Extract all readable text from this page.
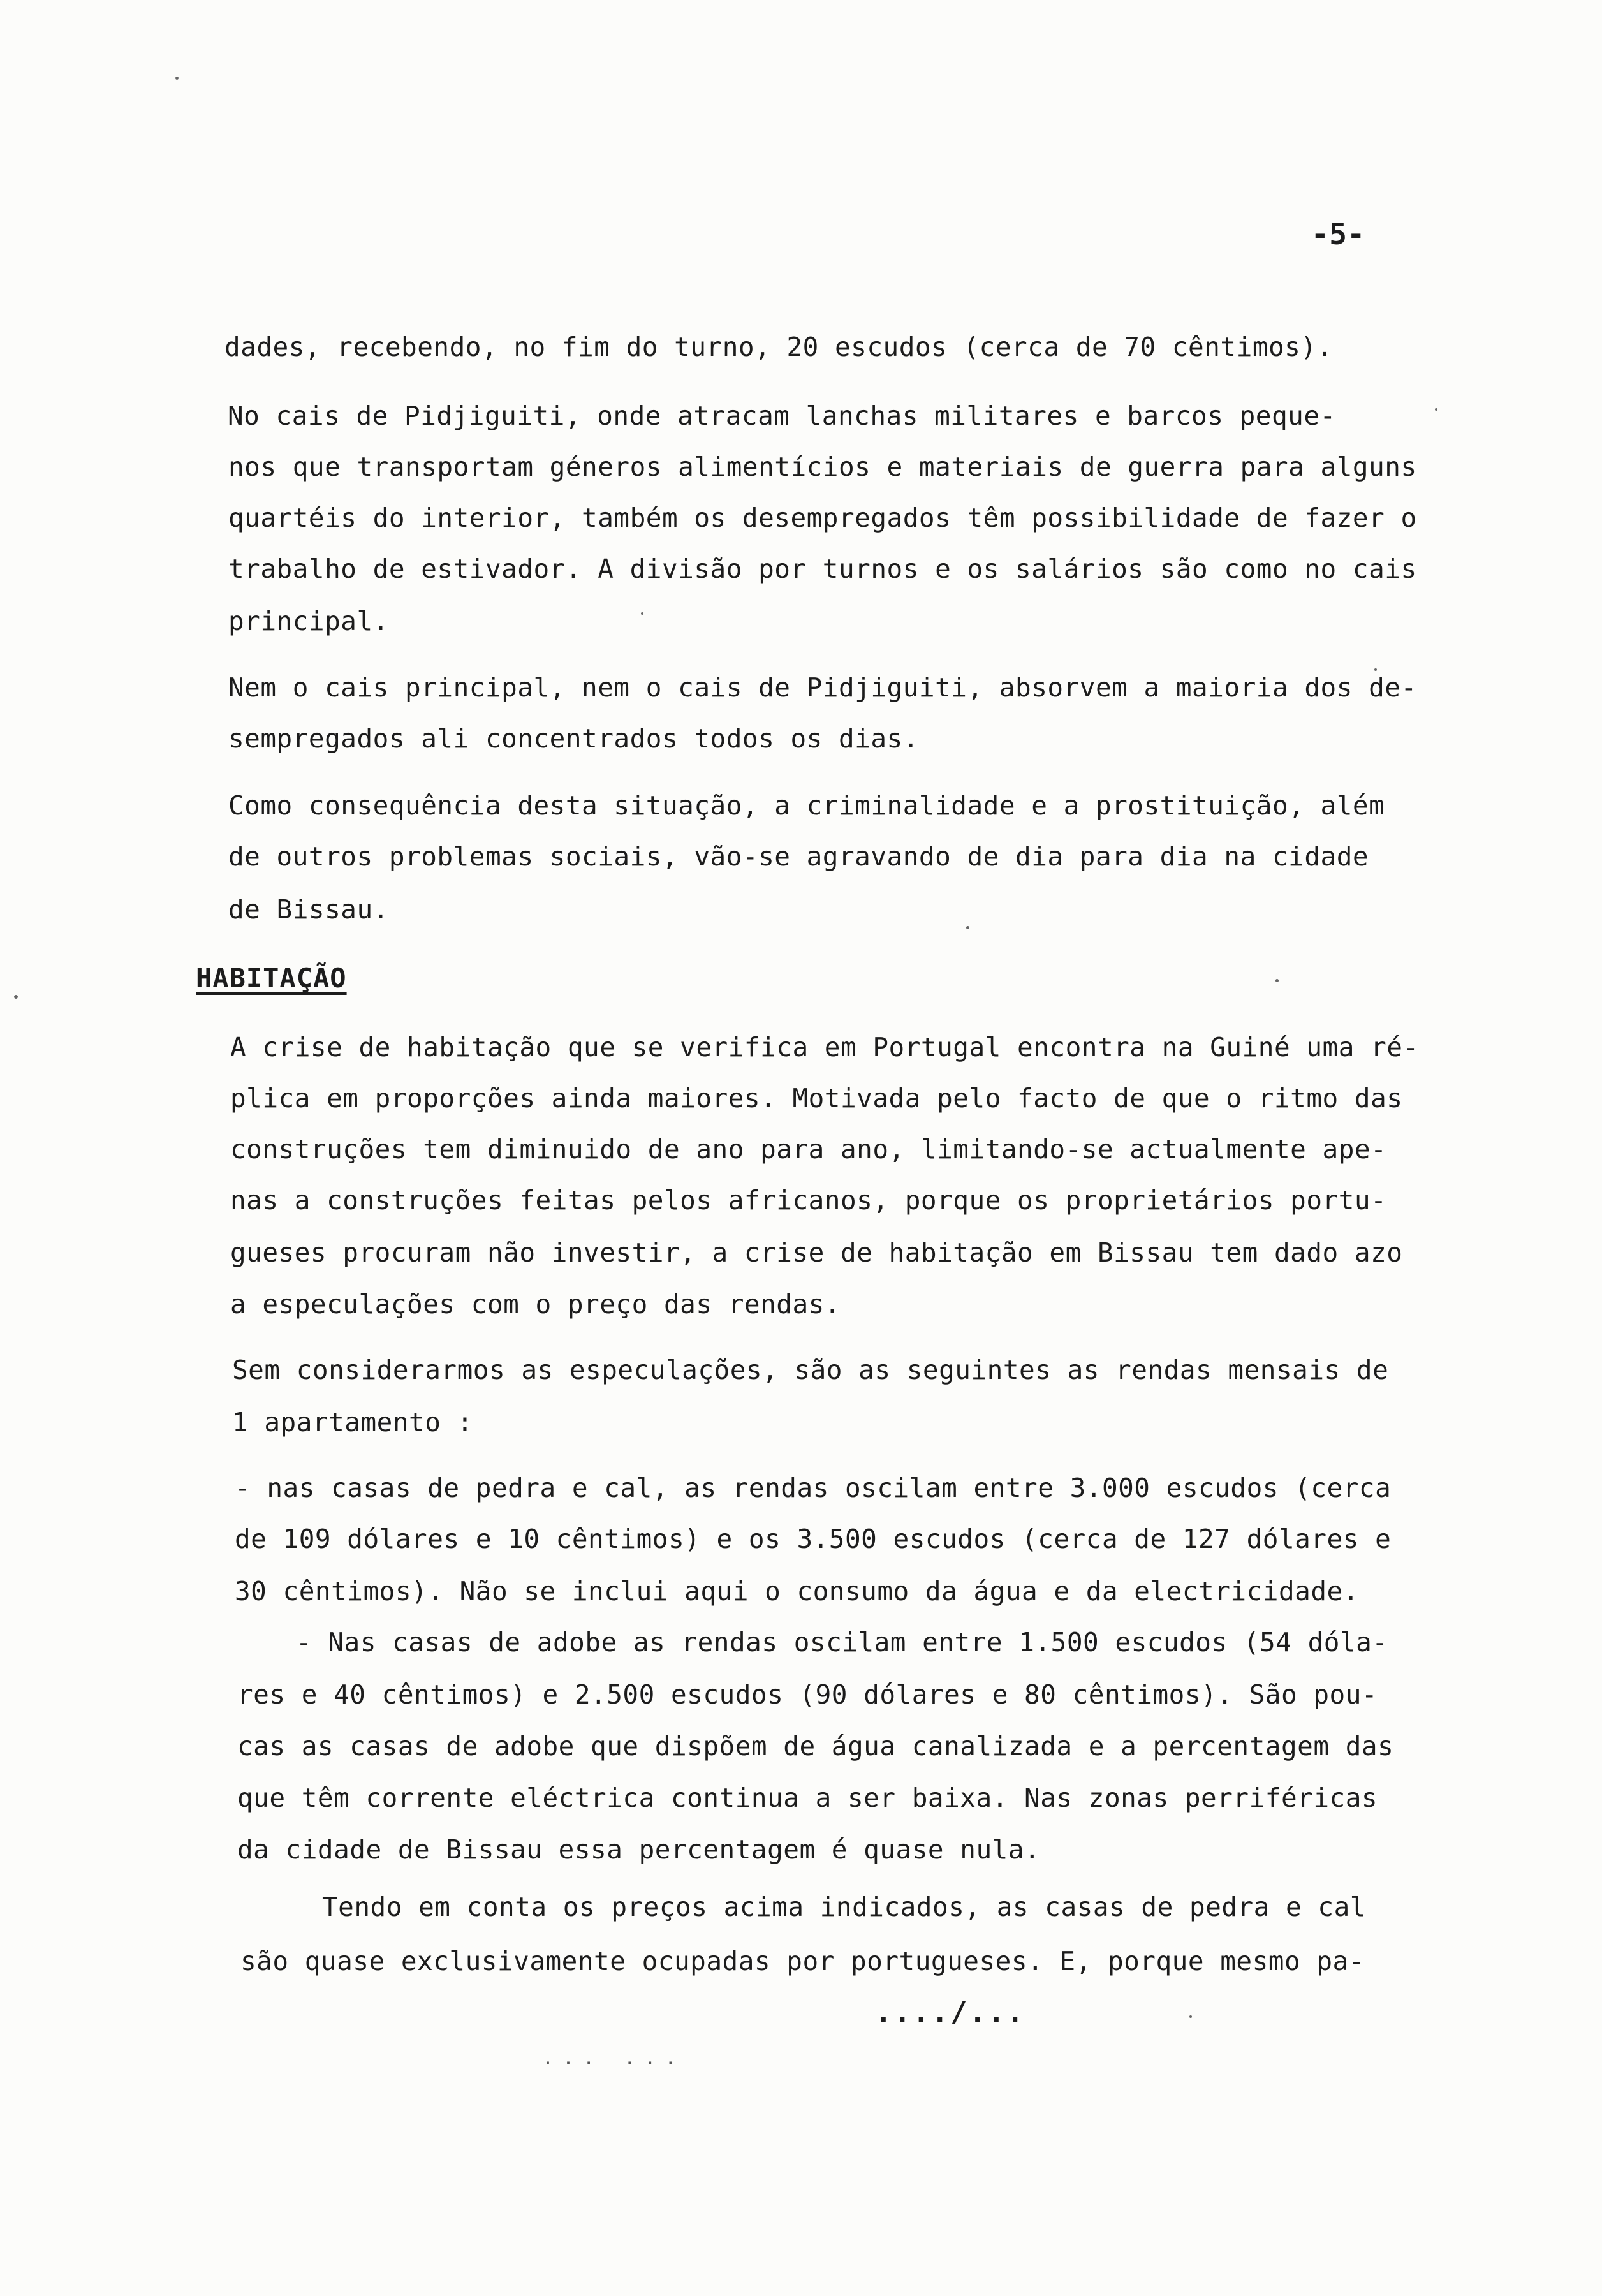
-5-
dades, recebendo, no fim do turno, 20 escudos (cerca de 70 cêntimos).
No cais de Pidjiguiti, onde atracam lanchas militares e barcos peque-
nos que transportam géneros alimentícios e materiais de guerra para alguns
quartéis do interior, também os desempregados têm possibilidade de fazer o
trabalho de estivador. A divisão por turnos e os salários são como no cais
principal.
Nem o cais principal, nem o cais de Pidjiguiti, absorvem a maioria dos de-
sempregados ali concentrados todos os dias.
Como consequência desta situação, a criminalidade e a prostituição, além
de outros problemas sociais, vão-se agravando de dia para dia na cidade
de Bissau.
HABITAÇÃO
A crise de habitação que se verifica em Portugal encontra na Guiné uma ré-
plica em proporções ainda maiores. Motivada pelo facto de que o ritmo das
construções tem diminuido de ano para ano, limitando-se actualmente ape-
nas a construções feitas pelos africanos, porque os proprietários portu-
gueses procuram não investir, a crise de habitação em Bissau tem dado azo
a especulações com o preço das rendas.
Sem considerarmos as especulações, são as seguintes as rendas mensais de
1 apartamento :
- nas casas de pedra e cal, as rendas oscilam entre 3.000 escudos (cerca
de 109 dólares e 10 cêntimos) e os 3.500 escudos (cerca de 127 dólares e
30 cêntimos). Não se inclui aqui o consumo da água e da electricidade.
- Nas casas de adobe as rendas oscilam entre 1.500 escudos (54 dóla-
res e 40 cêntimos) e 2.500 escudos (90 dólares e 80 cêntimos). São pou-
cas as casas de adobe que dispõem de água canalizada e a percentagem das
que têm corrente eléctrica continua a ser baixa. Nas zonas perriféricas
da cidade de Bissau essa percentagem é quase nula.
Tendo em conta os preços acima indicados, as casas de pedra e cal
são quase exclusivamente ocupadas por portugueses. E, porque mesmo pa-
..../...
... ...
